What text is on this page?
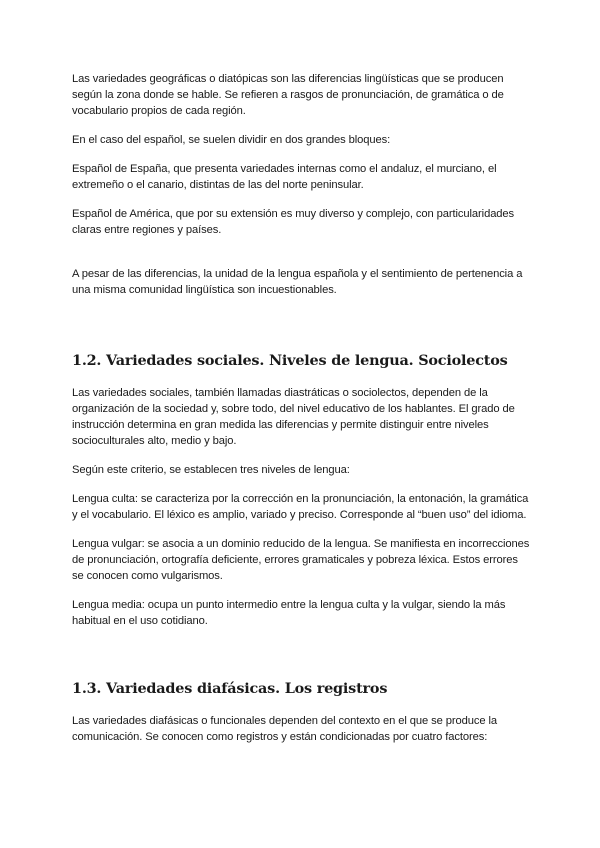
Las variedades geográficas o diatópicas son las diferencias lingüísticas que se producen según la zona donde se hable. Se refieren a rasgos de pronunciación, de gramática o de vocabulario propios de cada región.

En el caso del español, se suelen dividir en dos grandes bloques:

Español de España, que presenta variedades internas como el andaluz, el murciano, el extremeño o el canario, distintas de las del norte peninsular.

Español de América, que por su extensión es muy diverso y complejo, con particularidades claras entre regiones y países.

A pesar de las diferencias, la unidad de la lengua española y el sentimiento de pertenencia a una misma comunidad lingüística son incuestionables.

1.2. Variedades sociales. Niveles de lengua. Sociolectos

Las variedades sociales, también llamadas diastráticas o sociolectos, dependen de la organización de la sociedad y, sobre todo, del nivel educativo de los hablantes. El grado de instrucción determina en gran medida las diferencias y permite distinguir entre niveles socioculturales alto, medio y bajo.

Según este criterio, se establecen tres niveles de lengua:

Lengua culta: se caracteriza por la corrección en la pronunciación, la entonación, la gramática y el vocabulario. El léxico es amplio, variado y preciso. Corresponde al “buen uso” del idioma.

Lengua vulgar: se asocia a un dominio reducido de la lengua. Se manifiesta en incorrecciones de pronunciación, ortografía deficiente, errores gramaticales y pobreza léxica. Estos errores se conocen como vulgarismos.

Lengua media: ocupa un punto intermedio entre la lengua culta y la vulgar, siendo la más habitual en el uso cotidiano.

1.3. Variedades diafásicas. Los registros

Las variedades diafásicas o funcionales dependen del contexto en el que se produce la comunicación. Se conocen como registros y están condicionadas por cuatro factores:
